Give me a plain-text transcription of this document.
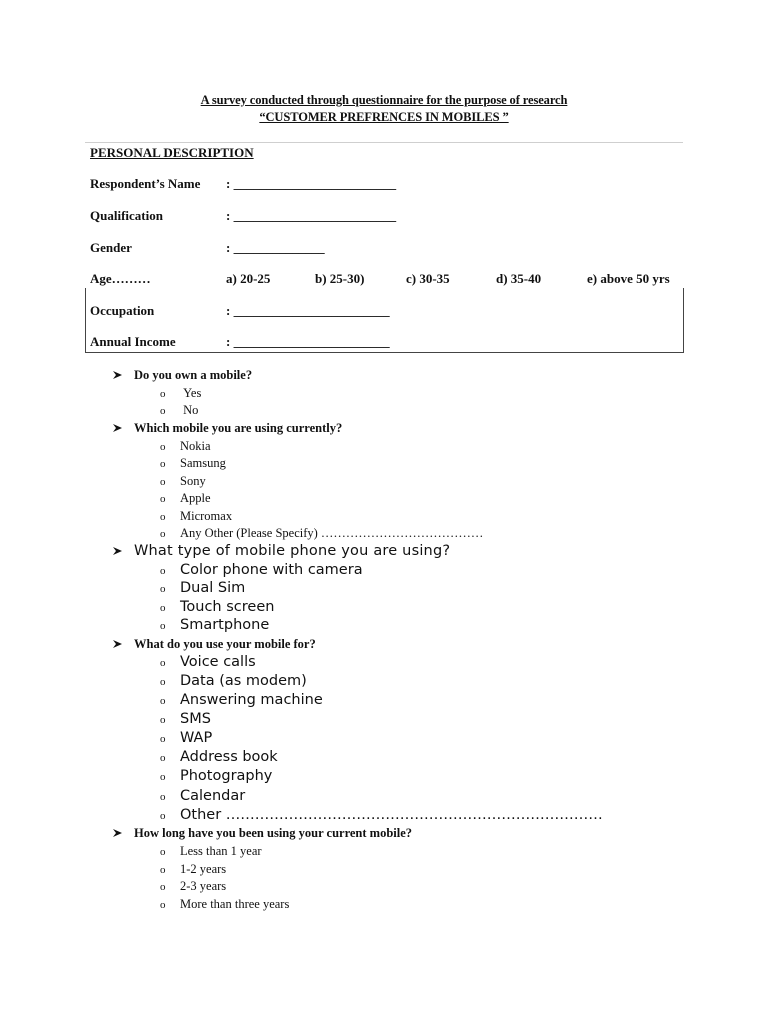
A survey conducted through questionnaire for the purpose of research
“CUSTOMER PREFRENCES IN MOBILES ”
PERSONAL DESCRIPTION
Respondent’s Name : _________________________
Qualification	: _________________________
Gender	: ______________
Age………	a) 20-25	b) 25-30)	c) 30-35	d) 35-40	e) above 50 yrs
Occupation	: ________________________
Annual Income	: ________________________
Do you own a mobile?
o Yes
o No
Which mobile you are using currently?
o Nokia
o Samsung
o Sony
o Apple
o Micromax
o Any Other (Please Specify) …………………………………
What type of mobile phone you are using?
o Color phone with camera
o Dual Sim
o Touch screen
o Smartphone
What do you use your mobile for?
o Voice calls
o Data (as modem)
o Answering machine
o SMS
o WAP
o Address book
o Photography
o Calendar
o Other ……………………………………………………………………
How long have you been using your current mobile?
o Less than 1 year
o 1-2 years
o 2-3 years
o More than three years
